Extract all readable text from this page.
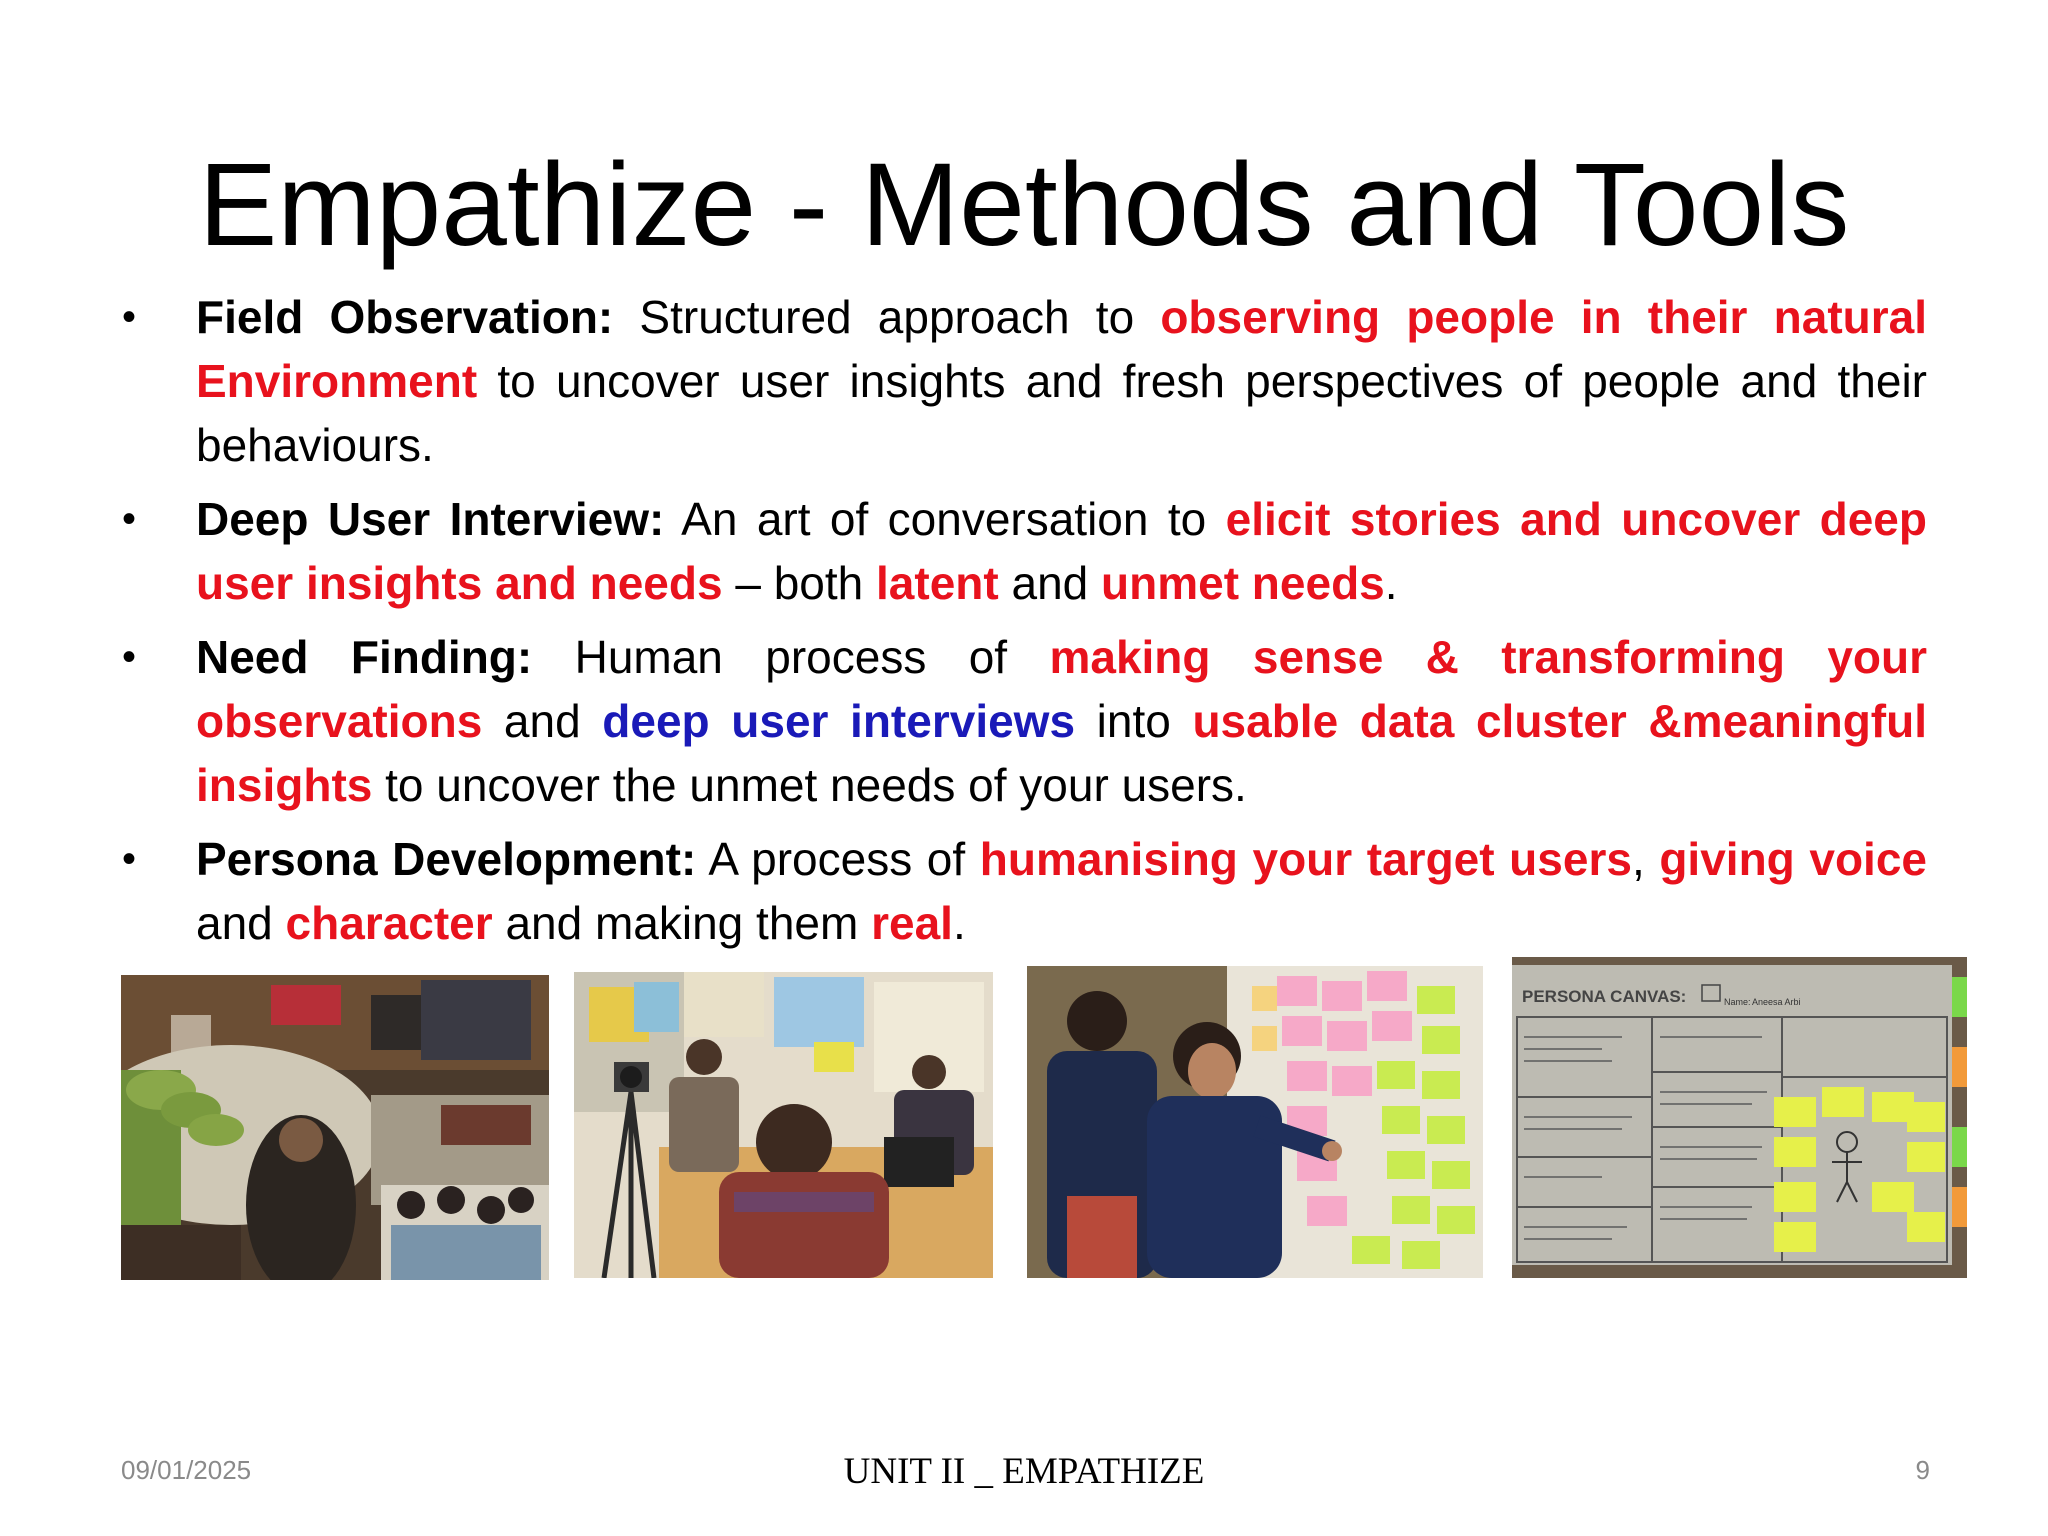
Empathize - Methods and Tools
•	Field Observation: Structured approach to observing people in their natural Environment to uncover user insights and fresh perspectives of people and their behaviours.
•	Deep User Interview: An art of conversation to elicit stories and uncover deep user insights and needs – both latent and unmet needs.
•	Need Finding: Human process of making sense & transforming your observations and deep user interviews into usable data cluster &meaningful insights to uncover the unmet needs of your users.
•	Persona Development: A process of humanising your target users, giving voice and character and making them real.
PERSONA CANVAS:	Name: Aneesa Arbi
09/01/2025	UNIT II _ EMPATHIZE	9
